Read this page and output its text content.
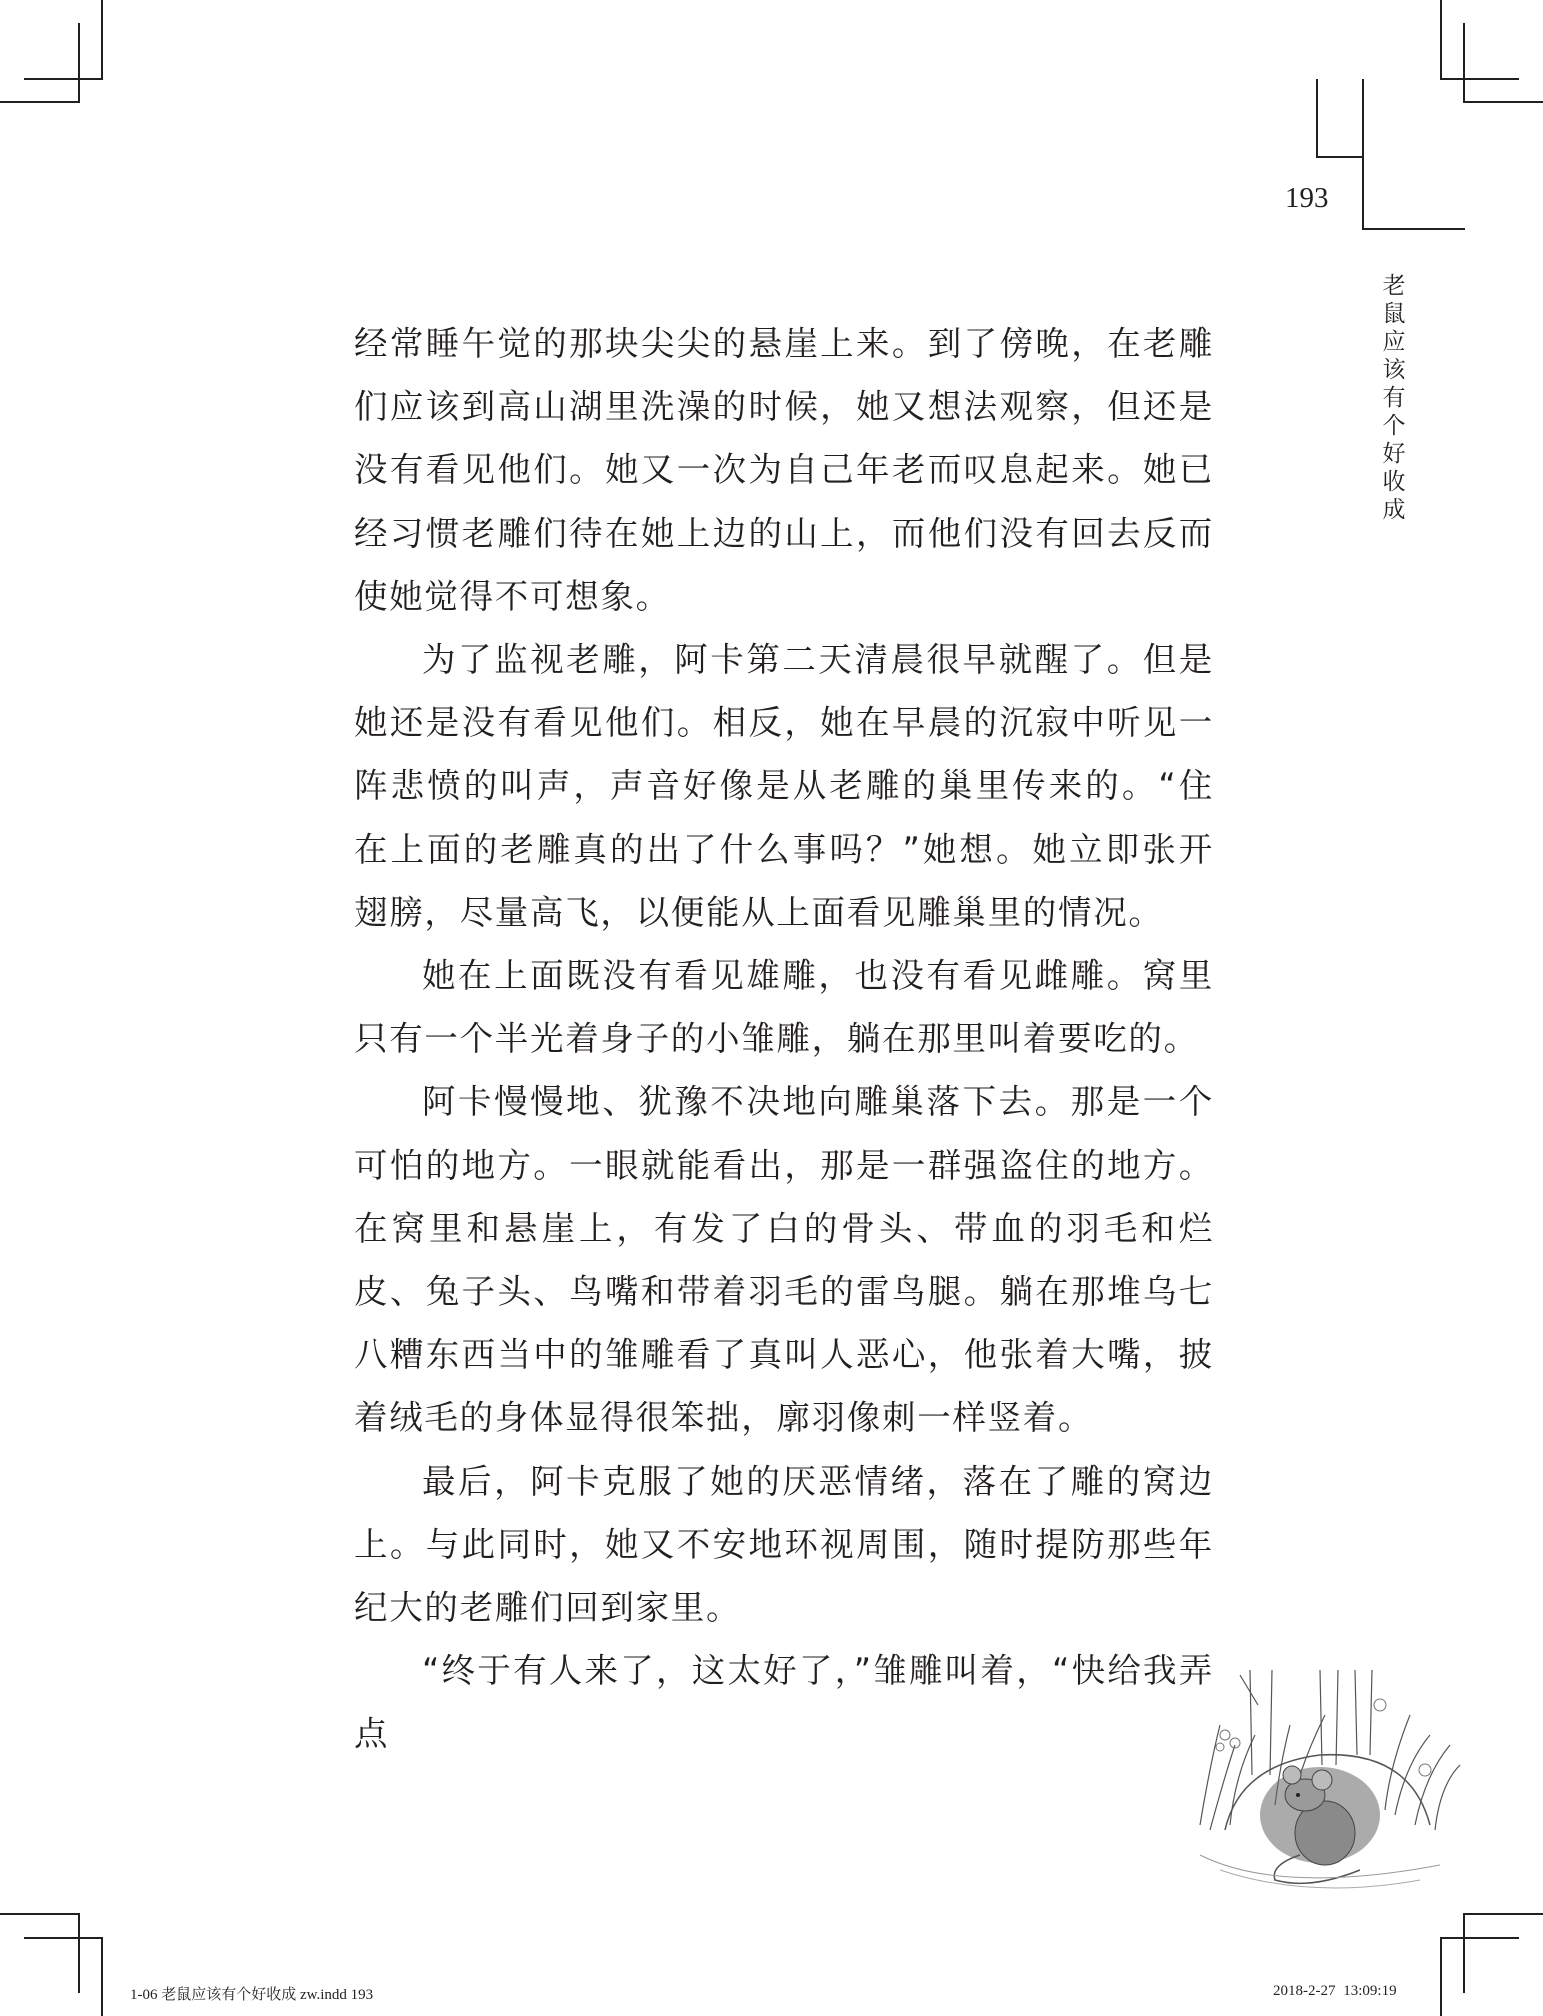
193
老
鼠
应
该
有
个
好
收
成

经常睡午觉的那块尖尖的悬崖上来。到了傍晚，在老雕们应该到高山湖里洗澡的时候，她又想法观察，但还是没有看见他们。她又一次为自己年老而叹息起来。她已经习惯老雕们待在她上边的山上，而他们没有回去反而使她觉得不可想象。

为了监视老雕，阿卡第二天清晨很早就醒了。但是她还是没有看见他们。相反，她在早晨的沉寂中听见一阵悲愤的叫声，声音好像是从老雕的巢里传来的。“住在上面的老雕真的出了什么事吗？”她想。她立即张开翅膀，尽量高飞，以便能从上面看见雕巢里的情况。

她在上面既没有看见雄雕，也没有看见雌雕。窝里只有一个半光着身子的小雏雕，躺在那里叫着要吃的。

阿卡慢慢地、犹豫不决地向雕巢落下去。那是一个可怕的地方。一眼就能看出，那是一群强盗住的地方。在窝里和悬崖上，有发了白的骨头、带血的羽毛和烂皮、兔子头、鸟嘴和带着羽毛的雷鸟腿。躺在那堆乌七八糟东西当中的雏雕看了真叫人恶心，他张着大嘴，披着绒毛的身体显得很笨拙，廓羽像刺一样竖着。

最后，阿卡克服了她的厌恶情绪，落在了雕的窝边上。与此同时，她又不安地环视周围，随时提防那些年纪大的老雕们回到家里。

“终于有人来了，这太好了，”雏雕叫着，“快给我弄点

1-06 老鼠应该有个好收成 zw.indd 193	2018-2-27 13:09:19
